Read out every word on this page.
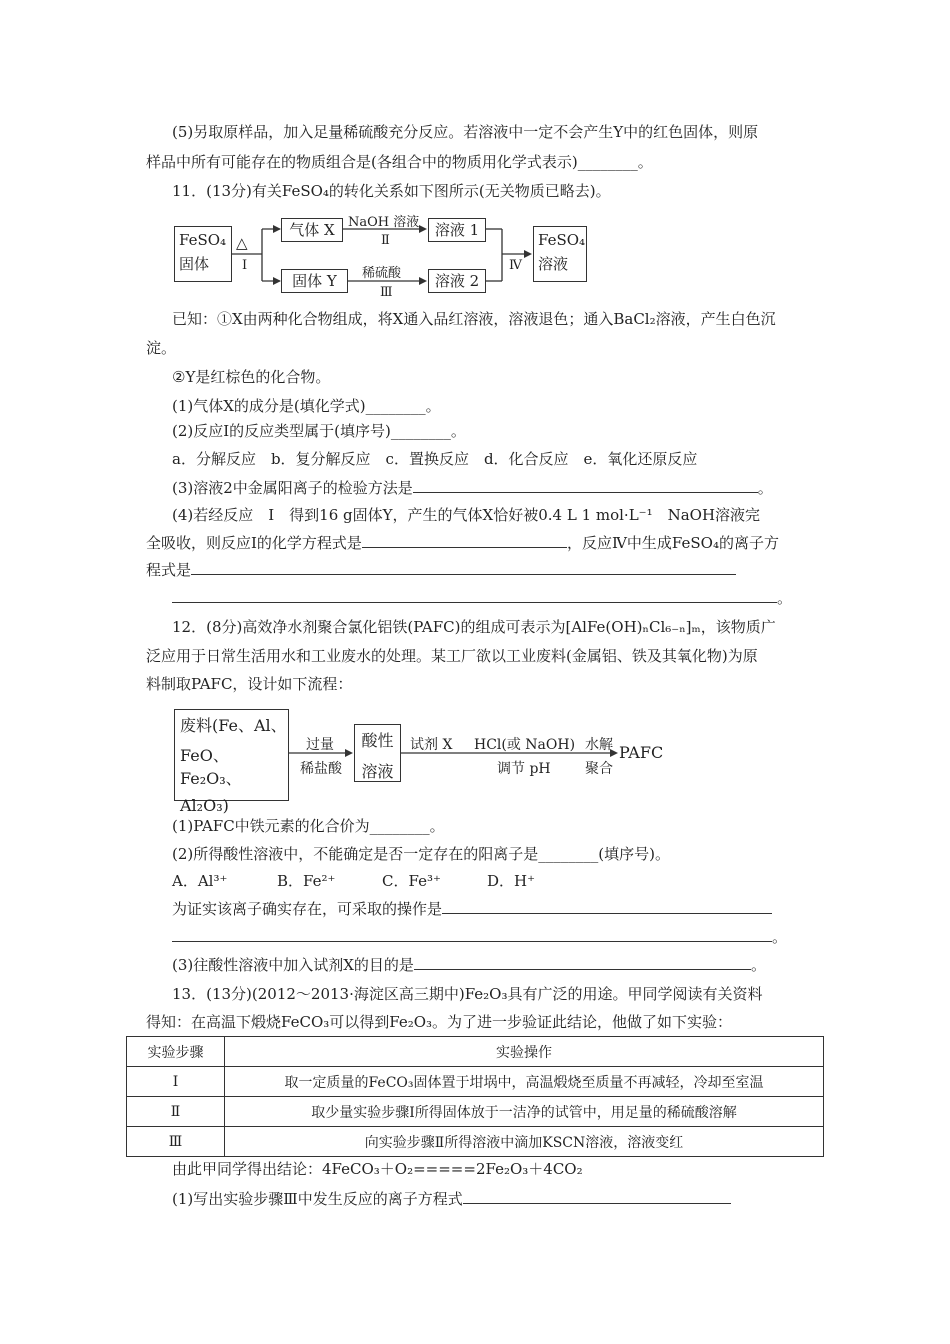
(5)另取原样品，加入足量稀硫酸充分反应。若溶液中一定不会产生Y中的红色固体，则原
样品中所有可能存在的物质组合是(各组合中的物质用化学式表示)________。
11．(13分)有关FeSO₄的转化关系如下图所示(无关物质已略去)。
FeSO₄
固体
△
Ⅰ
气体 X
固体 Y
NaOH 溶液
Ⅱ
稀硫酸
Ⅲ
溶液 1
溶液 2
Ⅳ
FeSO₄
溶液
已知：①X由两种化合物组成，将X通入品红溶液，溶液退色；通入BaCl₂溶液，产生白色沉
淀。
②Y是红棕色的化合物。
(1)气体X的成分是(填化学式)________。
(2)反应Ⅰ的反应类型属于(填序号)________。
a．分解反应　b．复分解反应　c．置换反应　d．化合反应　e．氧化还原反应
(3)溶液2中金属阳离子的检验方法是	。
(4)若经反应　Ⅰ　得到16 g固体Y，产生的气体X恰好被0.4 L 1 mol·L⁻¹　NaOH溶液完
全吸收，则反应Ⅰ的化学方程式是	，反应Ⅳ中生成FeSO₄的离子方
程式是
。
12．(8分)高效净水剂聚合氯化铝铁(PAFC)的组成可表示为[AlFe(OH)ₙCl₆₋ₙ]ₘ，该物质广
泛应用于日常生活用水和工业废水的处理。某工厂欲以工业废料(金属铝、铁及其氧化物)为原
料制取PAFC，设计如下流程：
废料(Fe、Al、
FeO、Fe₂O₃、
Al₂O₃)
过量
稀盐酸
酸性
溶液
试剂 X HCl(或 NaOH)
调节 pH
水解
聚合
PAFC
(1)PAFC中铁元素的化合价为________。
(2)所得酸性溶液中，不能确定是否一定存在的阳离子是________(填序号)。
A．Al³⁺	B．Fe²⁺	C．Fe³⁺	D．H⁺
为证实该离子确实存在，可采取的操作是
。
(3)往酸性溶液中加入试剂X的目的是	。
13．(13分)(2012～2013·海淀区高三期中)Fe₂O₃具有广泛的用途。甲同学阅读有关资料
得知：在高温下煅烧FeCO₃可以得到Fe₂O₃。为了进一步验证此结论，他做了如下实验：
实验步骤	实验操作
Ⅰ	取一定质量的FeCO₃固体置于坩埚中，高温煅烧至质量不再减轻，冷却至室温
Ⅱ	取少量实验步骤Ⅰ所得固体放于一洁净的试管中，用足量的稀硫酸溶解
Ⅲ	向实验步骤Ⅱ所得溶液中滴加KSCN溶液，溶液变红
由此甲同学得出结论：4FeCO₃＋O₂=====2Fe₂O₃＋4CO₂
(1)写出实验步骤Ⅲ中发生反应的离子方程式
